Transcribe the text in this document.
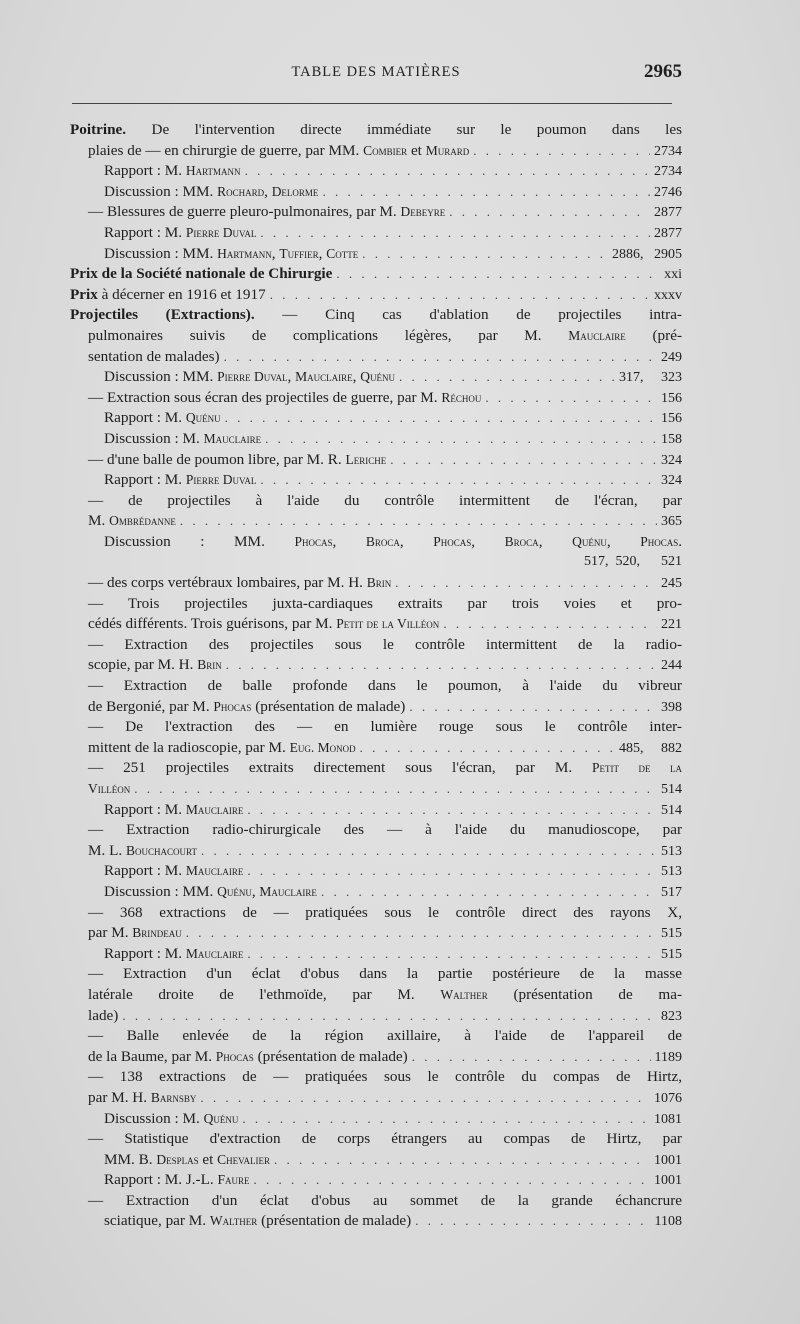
TABLE DES MATIÈRES	2965
Poitrine. De l'intervention directe immédiate sur le poumon dans les
plaies de — en chirurgie de guerre, par MM. Combier et Murard . . .	2734
Rapport : M. Hartmann . . .	2734
Discussion : MM. Rochard, Delorme . . .	2746
— Blessures de guerre pleuro-pulmonaires, par M. Debeyre . . .	2877
Rapport : M. Pierre Duval . . .	2877
Discussion : MM. Hartmann, Tuffier, Cotte . . .	2886,   2905
Prix de la Société nationale de Chirurgie . . .	xxi
Prix à décerner en 1916 et 1917 . . .	xxxv
Projectiles (Extractions). — Cinq cas d'ablation de projectiles intra-
pulmonaires suivis de complications légères, par M. Mauclaire (pré-
sentation de malades) . . .	249
Discussion : MM. Pierre Duval, Mauclaire, Quénu . . .	317,     323
— Extraction sous écran des projectiles de guerre, par M. Réchou . . .	156
Rapport : M. Quénu . . .	156
Discussion : M. Mauclaire . . .	158
— d'une balle de poumon libre, par M. R. Leriche . . .	324
Rapport : M. Pierre Duval . . .	324
— de projectiles à l'aide du contrôle intermittent de l'écran, par
M. Ombrédanne . . .	365
Discussion : MM. Phocas, Broca, Phocas, Broca, Quénu, Phocas.
517,  520,      521
— des corps vertébraux lombaires, par M. H. Brin . . .	245
— Trois projectiles juxta-cardiaques extraits par trois voies et pro-
cédés différents. Trois guérisons, par M. Petit de la Villéon . . .	221
— Extraction des projectiles sous le contrôle intermittent de la radio-
scopie, par M. H. Brin . . .	244
— Extraction de balle profonde dans le poumon, à l'aide du vibreur
de Bergonié, par M. Phocas (présentation de malade) . . .	398
— De l'extraction des — en lumière rouge sous le contrôle inter-
mittent de la radioscopie, par M. Eug. Monod . . .	485,     882
— 251 projectiles extraits directement sous l'écran, par M. Petit de la
Villéon . . .	514
Rapport : M. Mauclaire . . .	514
— Extraction radio-chirurgicale des — à l'aide du manudioscope, par
M. L. Bouchacourt . . .	513
Rapport : M. Mauclaire . . .	513
Discussion : MM. Quénu, Mauclaire . . .	517
— 368 extractions de — pratiquées sous le contrôle direct des rayons X,
par M. Brindeau . . .	515
Rapport : M. Mauclaire . . .	515
— Extraction d'un éclat d'obus dans la partie postérieure de la masse
latérale droite de l'ethmoïde, par M. Walther (présentation de ma-
lade) . . .	823
— Balle enlevée de la région axillaire, à l'aide de l'appareil de
de la Baume, par M. Phocas (présentation de malade) . . .	1189
— 138 extractions de — pratiquées sous le contrôle du compas de Hirtz,
par M. H. Barnsby . . .	1076
Discussion : M. Quénu . . .	1081
— Statistique d'extraction de corps étrangers au compas de Hirtz, par
MM. B. Desplas et Chevalier . . .	1001
Rapport : M. J.-L. Faure . . .	1001
— Extraction d'un éclat d'obus au sommet de la grande échancrure
sciatique, par M. Walther (présentation de malade) . . .	1108
